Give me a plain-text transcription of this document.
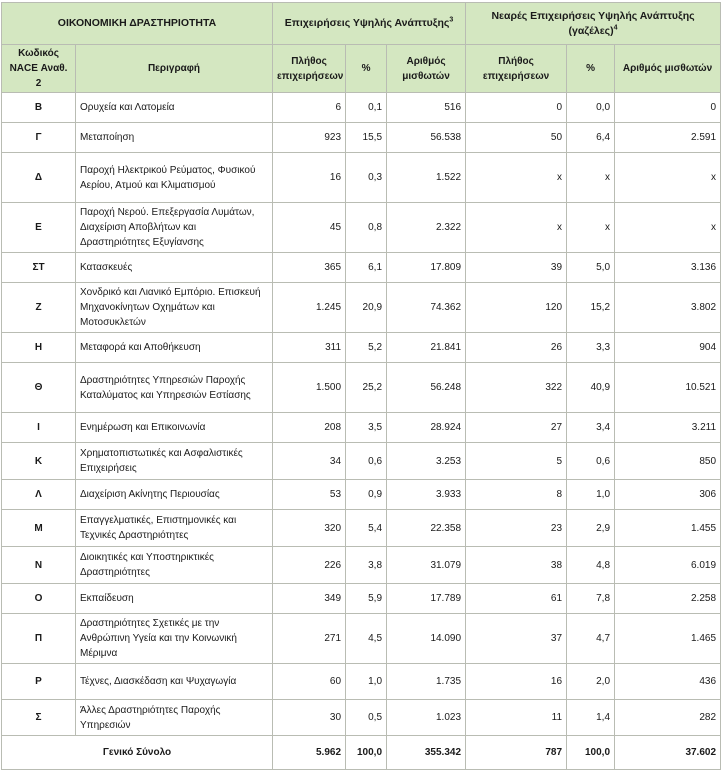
ΟΙΚΟΝΟΜΙΚΗ ΔΡΑΣΤΗΡΙΟΤΗΤΑ		Επιχειρήσεις Υψηλής Ανάπτυξης$^3$			Νεαρές Επιχειρήσεις Υψηλής Ανάπτυξης $(\gamma\alpha\zeta έ\lambda\varepsilon\varsigma)^4$
Κωδικός NACE Αναθ. 2	Περιγραφή	Πλήθος επιχειρήσεων	%	Αριθμός μισθωτών	Πλήθος επιχειρήσεων	%	Αριθμός μισθωτών
Β	Ορυχεία και Λατομεία	6	0,1	516	0	0,0	0
Γ	Μεταποίηση	923	15,5	56.538	50	6,4	2.591
Δ	Παροχή Ηλεκτρικού Ρεύματος, Φυσικού Αερίου, Ατμού και Κλιματισμού	16	0,3	1.522	x	x	x
Ε	Παροχή Νερού. Επεξεργασία Λυμάτων, Διαχείριση Αποβλήτων και Δραστηριότητες Εξυγίανσης	45	0,8	2.322	x	x	x
ΣΤ	Κατασκευές	365	6,1	17.809	39	5,0	3.136
Ζ	Χονδρικό και Λιανικό Εμπόριο. Επισκευή Μηχανοκίνητων Οχημάτων και Μοτοσυκλετών	1.245	20,9	74.362	120	15,2	3.802
Η	Μεταφορά και Αποθήκευση	311	5,2	21.841	26	3,3	904
Θ	Δραστηριότητες Υπηρεσιών Παροχής Καταλύματος και Υπηρεσιών Εστίασης	1.500	25,2	56.248	322	40,9	10.521
Ι	Ενημέρωση και Επικοινωνία	208	3,5	28.924	27	3,4	3.211
Κ	Χρηματοπιστωτικές και Ασφαλιστικές Επιχειρήσεις	34	0,6	3.253	5	0,6	850
Λ	Διαχείριση Ακίνητης Περιουσίας	53	0,9	3.933	8	1,0	306
Μ	Επαγγελματικές, Επιστημονικές και Τεχνικές Δραστηριότητες	320	5,4	22.358	23	2,9	1.455
Ν	Διοικητικές και Υποστηρικτικές Δραστηριότητες	226	3,8	31.079	38	4,8	6.019
Ο	Εκπαίδευση	349	5,9	17.789	61	7,8	2.258
Π	Δραστηριότητες Σχετικές με την Ανθρώπινη Υγεία και την Κοινωνική Μέριμνα	271	4,5	14.090	37	4,7	1.465
Ρ	Τέχνες, Διασκέδαση και Ψυχαγωγία	60	1,0	1.735	16	2,0	436
Σ	Άλλες Δραστηριότητες Παροχής Υπηρεσιών	30	0,5	1.023	11	1,4	282
Γενικό Σύνολο		5.962	100,0	355.342	787	100,0	37.602
